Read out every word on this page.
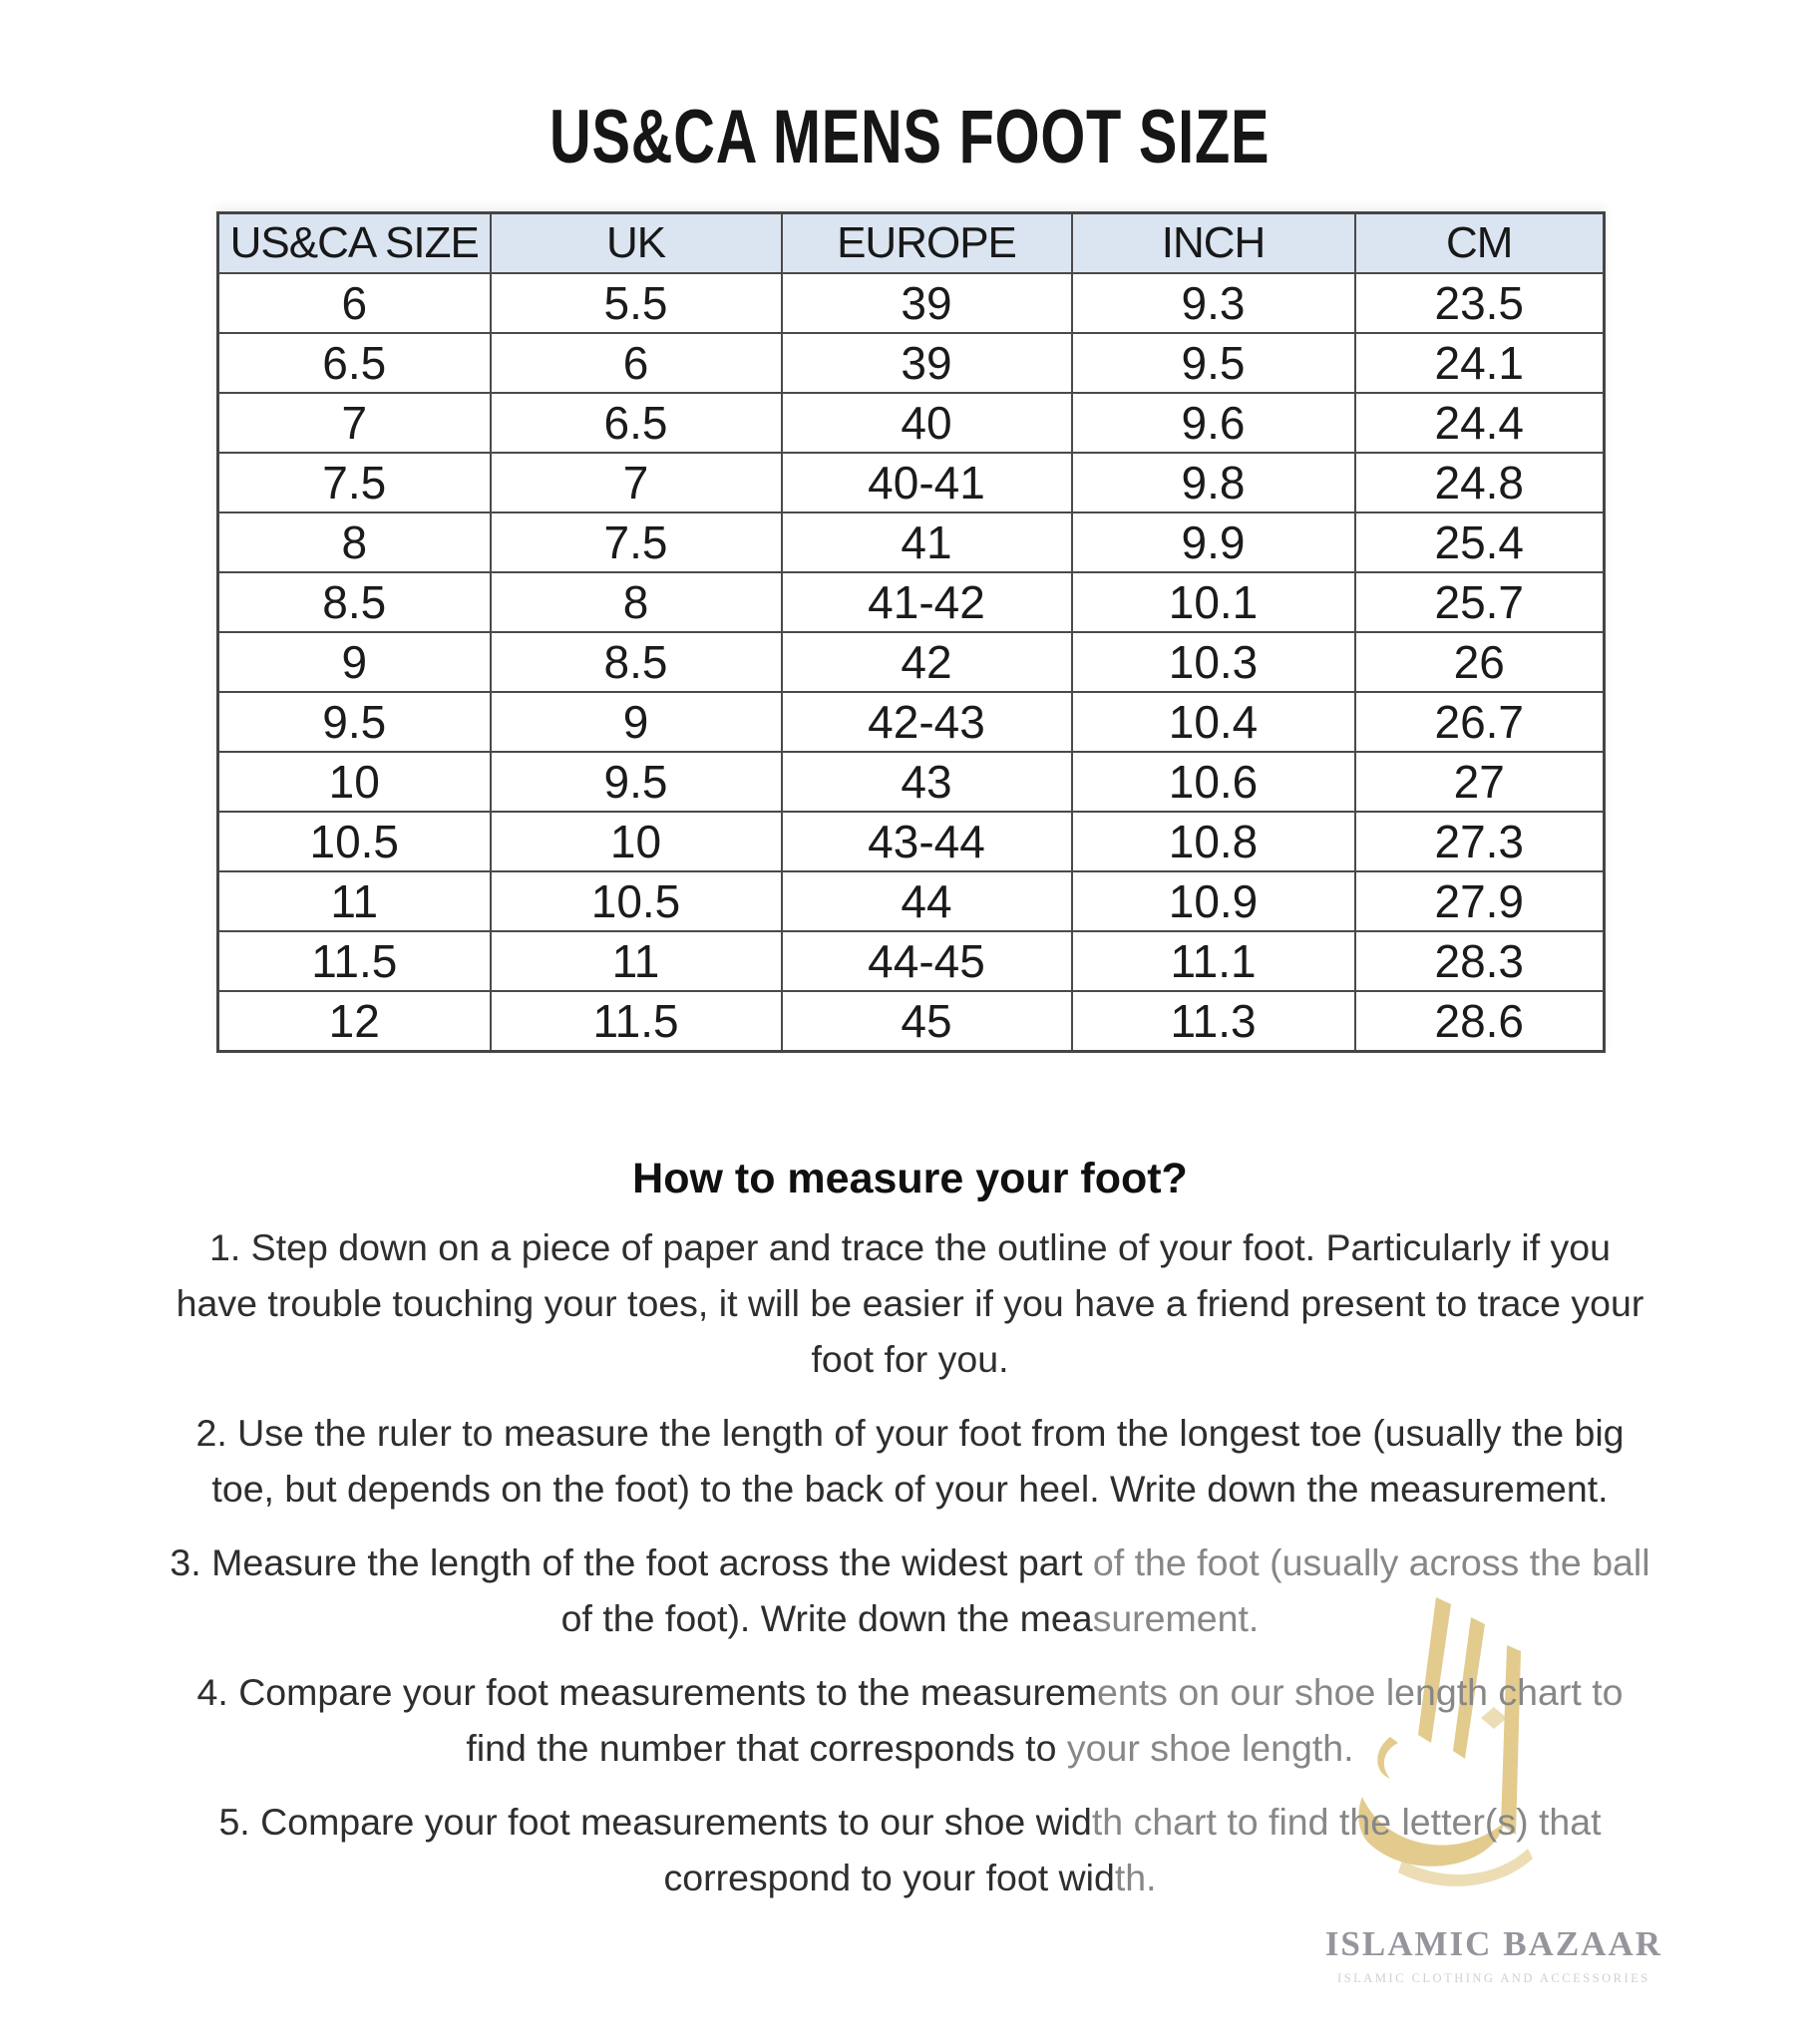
US&CA MENS FOOT SIZE
US&CA SIZE	UK	EUROPE	INCH	CM
6	5.5	39	9.3	23.5
6.5	6	39	9.5	24.1
7	6.5	40	9.6	24.4
7.5	7	40-41	9.8	24.8
8	7.5	41	9.9	25.4
8.5	8	41-42	10.1	25.7
9	8.5	42	10.3	26
9.5	9	42-43	10.4	26.7
10	9.5	43	10.6	27
10.5	10	43-44	10.8	27.3
11	10.5	44	10.9	27.9
11.5	11	44-45	11.1	28.3
12	11.5	45	11.3	28.6
How to measure your foot?
1. Step down on a piece of paper and trace the outline of your foot. Particularly if you
have trouble touching your toes, it will be easier if you have a friend present to trace your
foot for you.
2. Use the ruler to measure the length of your foot from the longest toe (usually the big
toe, but depends on the foot) to the back of your heel. Write down the measurement.
3. Measure the length of the foot across the widest part of the foot (usually across the ball
of the foot). Write down the measurement.
4. Compare your foot measurements to the measurements on our shoe length chart to
find the number that corresponds to your shoe length.
5. Compare your foot measurements to our shoe width chart to find the letter(s) that
correspond to your foot width.
ISLAMIC BAZAAR
ISLAMIC CLOTHING AND ACCESSORIES
